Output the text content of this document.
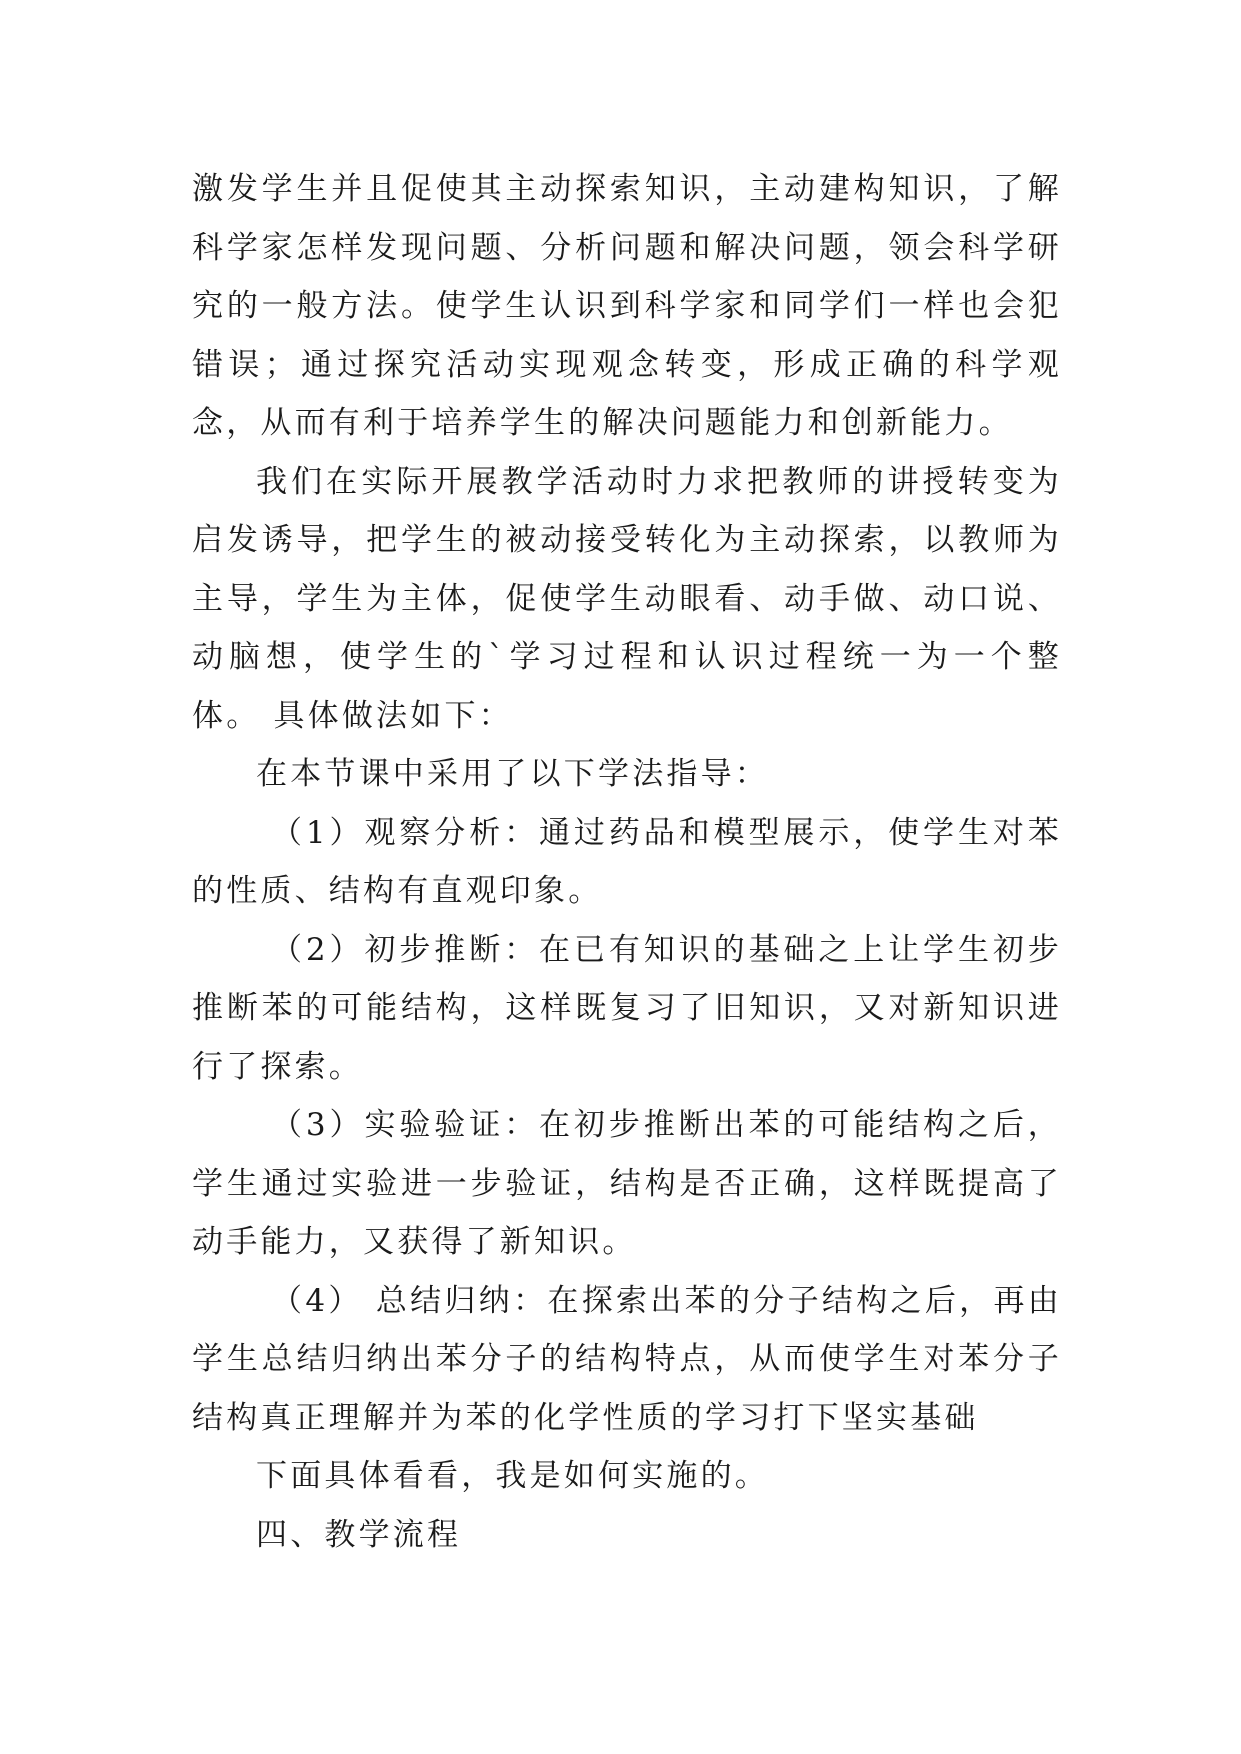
激发学生并且促使其主动探索知识，主动建构知识，了解科学家怎样发现问题、分析问题和解决问题，领会科学研究的一般方法。使学生认识到科学家和同学们一样也会犯错误；通过探究活动实现观念转变，形成正确的科学观念，从而有利于培养学生的解决问题能力和创新能力。

我们在实际开展教学活动时力求把教师的讲授转变为启发诱导，把学生的被动接受转化为主动探索，以教师为主导，学生为主体，促使学生动眼看、动手做、动口说、动脑想，使学生的`学习过程和认识过程统一为一个整体。 具体做法如下：

在本节课中采用了以下学法指导：

（1）观察分析：通过药品和模型展示，使学生对苯的性质、结构有直观印象。

（2）初步推断：在已有知识的基础之上让学生初步推断苯的可能结构，这样既复习了旧知识，又对新知识进行了探索。

（3）实验验证：在初步推断出苯的可能结构之后，学生通过实验进一步验证，结构是否正确，这样既提高了动手能力，又获得了新知识。

（4） 总结归纳：在探索出苯的分子结构之后，再由学生总结归纳出苯分子的结构特点，从而使学生对苯分子结构真正理解并为苯的化学性质的学习打下坚实基础

下面具体看看，我是如何实施的。

四、教学流程
